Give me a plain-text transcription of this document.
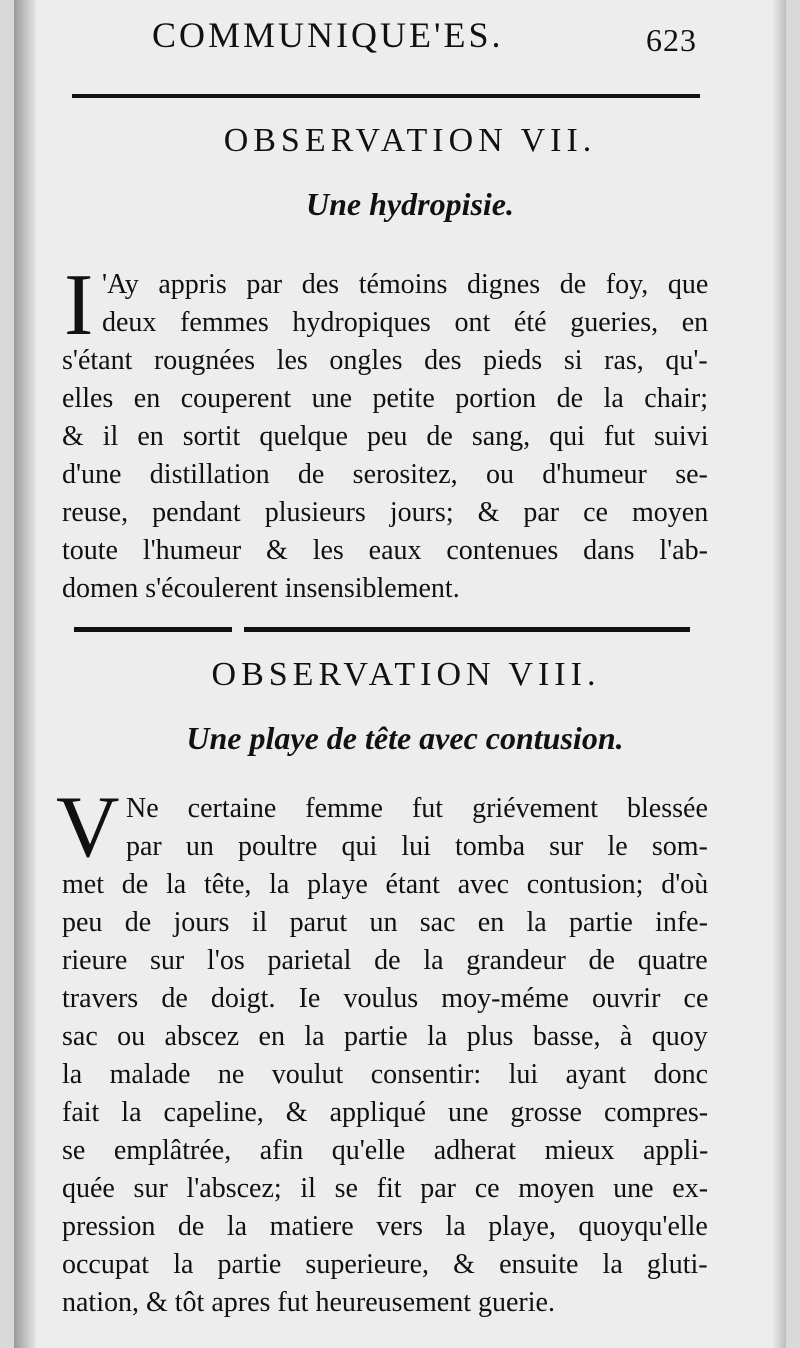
COMMUNIQUE'ES.	623
OBSERVATION VII.
Une hydropisie.
I 'Ay appris par des témoins dignes de foy, que
deux femmes hydropiques ont été gueries, en
s'étant rougnées les ongles des pieds si ras, qu'-
elles en couperent une petite portion de la chair;
& il en sortit quelque peu de sang, qui fut suivi
d'une distillation de serositez, ou d'humeur se-
reuse, pendant plusieurs jours; & par ce moyen
toute l'humeur & les eaux contenues dans l'ab-
domen s'écoulerent insensiblement.
OBSERVATION VIII.
Une playe de tête avec contusion.
V Ne certaine femme fut griévement blessée
par un poultre qui lui tomba sur le som-
met de la tête, la playe étant avec contusion; d'où
peu de jours il parut un sac en la partie infe-
rieure sur l'os parietal de la grandeur de quatre
travers de doigt. Ie voulus moy-méme ouvrir ce
sac ou abscez en la partie la plus basse, à quoy
la malade ne voulut consentir: lui ayant donc
fait la capeline, & appliqué une grosse compres-
se emplâtrée, afin qu'elle adherat mieux appli-
quée sur l'abscez; il se fit par ce moyen une ex-
pression de la matiere vers la playe, quoyqu'elle
occupat la partie superieure, & ensuite la gluti-
nation, & tôt apres fut heureusement guerie.
